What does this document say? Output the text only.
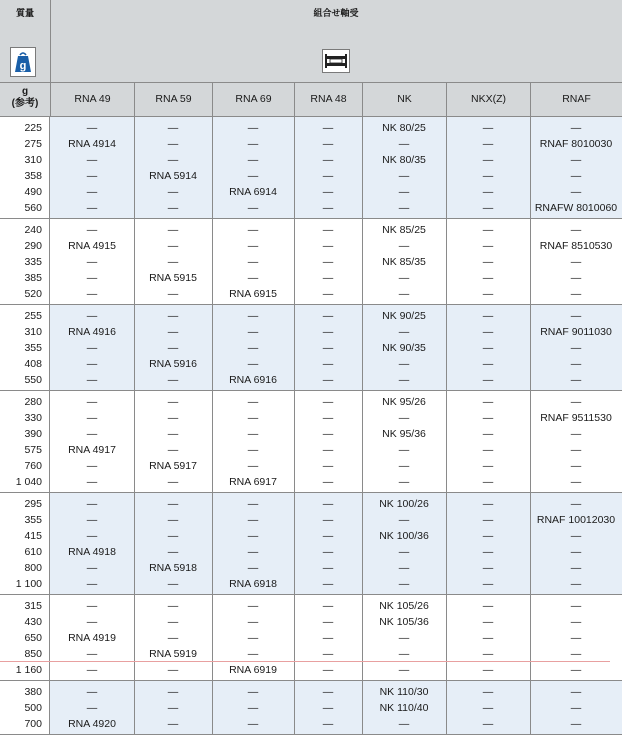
質量
g
組合せ軸受
g
(参考)	RNA 49	RNA 59	RNA 69	RNA 48	NK	NKX(Z)	RNAF
225	—	—	—	—	NK 80/25	—	—
275	RNA 4914	—	—	—	—	—	RNAF 8010030
310	—	—	—	—	NK 80/35	—	—
358	—	RNA 5914	—	—	—	—	—
490	—	—	RNA 6914	—	—	—	—
560	—	—	—	—	—	—	RNAFW 8010060
240	—	—	—	—	NK 85/25	—	—
290	RNA 4915	—	—	—	—	—	RNAF 8510530
335	—	—	—	—	NK 85/35	—	—
385	—	RNA 5915	—	—	—	—	—
520	—	—	RNA 6915	—	—	—	—
255	—	—	—	—	NK 90/25	—	—
310	RNA 4916	—	—	—	—	—	RNAF 9011030
355	—	—	—	—	NK 90/35	—	—
408	—	RNA 5916	—	—	—	—	—
550	—	—	RNA 6916	—	—	—	—
280	—	—	—	—	NK 95/26	—	—
330	—	—	—	—	—	—	RNAF 9511530
390	—	—	—	—	NK 95/36	—	—
575	RNA 4917	—	—	—	—	—	—
760	—	RNA 5917	—	—	—	—	—
1 040	—	—	RNA 6917	—	—	—	—
295	—	—	—	—	NK 100/26	—	—
355	—	—	—	—	—	—	RNAF 10012030
415	—	—	—	—	NK 100/36	—	—
610	RNA 4918	—	—	—	—	—	—
800	—	RNA 5918	—	—	—	—	—
1 100	—	—	RNA 6918	—	—	—	—
315	—	—	—	—	NK 105/26	—	—
430	—	—	—	—	NK 105/36	—	—
650	RNA 4919	—	—	—	—	—	—
850	—	RNA 5919	—	—	—	—	—
1 160	—	—	RNA 6919	—	—	—	—
380	—	—	—	—	NK 110/30	—	—
500	—	—	—	—	NK 110/40	—	—
700	RNA 4920	—	—	—	—	—	—
